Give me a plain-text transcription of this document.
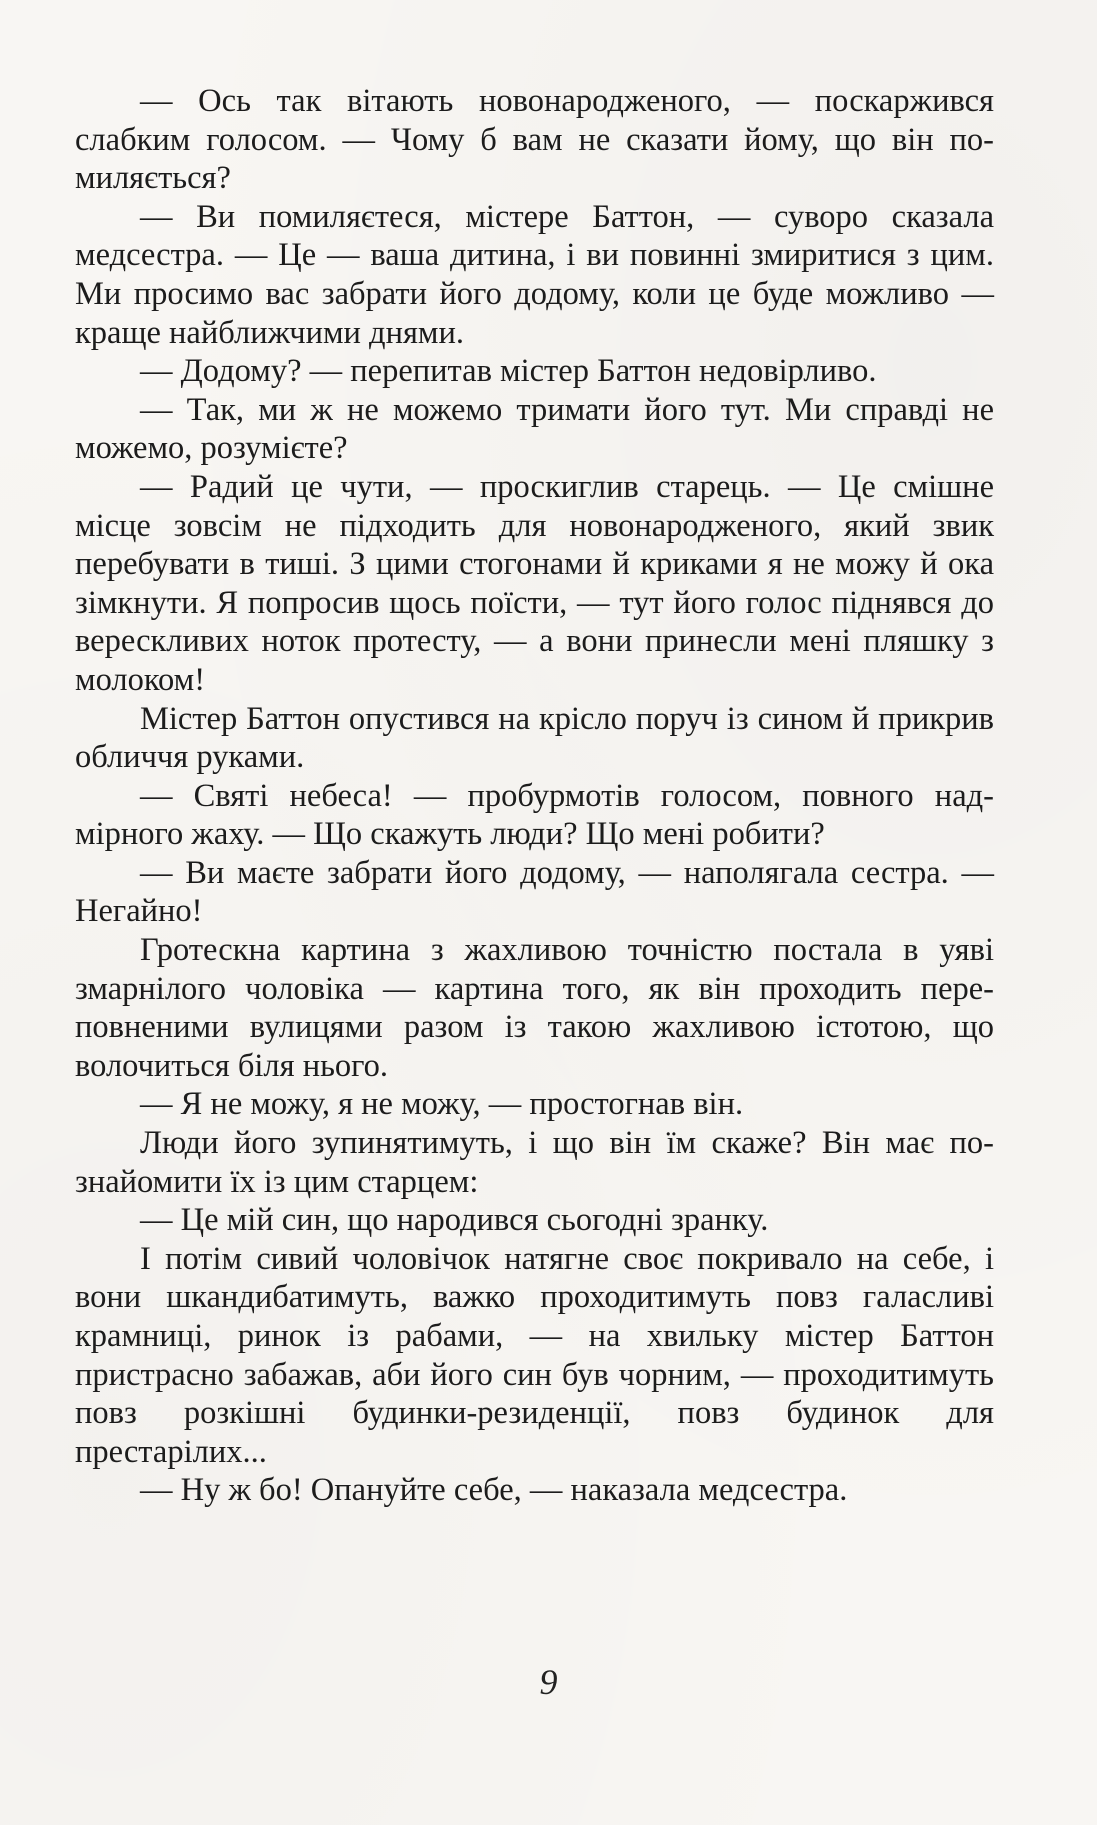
— Ось так вітають новонародженого, — поскаржився слабким голосом. — Чому б вам не сказати йому, що він помиляється?

— Ви помиляєтеся, містере Баттон, — суворо сказала медсестра. — Це — ваша дитина, і ви повинні змиритися з цим. Ми просимо вас забрати його додому, коли це буде можливо — краще найближчими днями.

— Додому? — перепитав містер Баттон недовірливо.

— Так, ми ж не можемо тримати його тут. Ми справді не можемо, розумієте?

— Радий це чути, — проскиглив старець. — Це смішне місце зовсім не підходить для новонародженого, який звик перебувати в тиші. З цими стогонами й криками я не можу й ока зімкнути. Я попросив щось поїсти, — тут його голос піднявся до верескливих ноток протесту, — а вони принесли мені пляшку з молоком!

Містер Баттон опустився на крісло поруч із сином й прикрив обличчя руками.

— Святі небеса! — пробурмотів голосом, повного надмірного жаху. — Що скажуть люди? Що мені робити?

— Ви маєте забрати його додому, — наполягала сестра. — Негайно!

Гротескна картина з жахливою точністю постала в уяві змарнілого чоловіка — картина того, як він проходить переповненими вулицями разом із такою жахливою істотою, що волочиться біля нього.

— Я не можу, я не можу, — простогнав він.

Люди його зупинятимуть, і що він їм скаже? Він має познайомити їх із цим старцем:

— Це мій син, що народився сьогодні зранку.

І потім сивий чоловічок натягне своє покривало на себе, і вони шкандибатимуть, важко проходитимуть повз галасливі крамниці, ринок із рабами, — на хвильку містер Баттон пристрасно забажав, аби його син був чорним, — проходитимуть повз розкішні будинки-резиденції, повз будинок для престарілих...

— Ну ж бо! Опануйте себе, — наказала медсестра.

9
